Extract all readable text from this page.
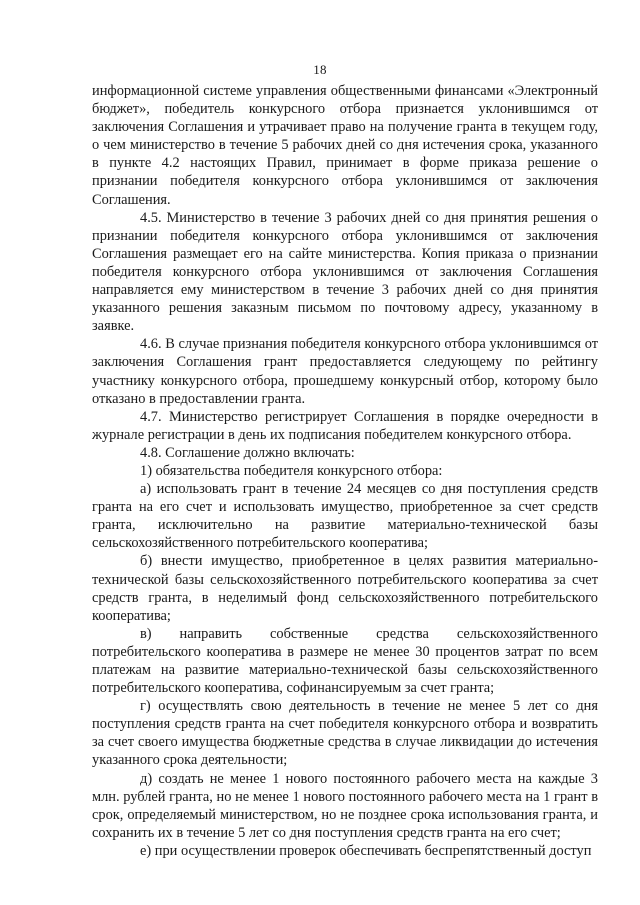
18

информационной системе управления общественными финансами «Электронный бюджет», победитель конкурсного отбора признается уклонившимся от заключения Соглашения и утрачивает право на получение гранта в текущем году, о чем министерство в течение 5 рабочих дней со дня истечения срока, указанного в пункте 4.2 настоящих Правил, принимает в форме приказа решение о признании победителя конкурсного отбора уклонившимся от заключения Соглашения.

4.5. Министерство в течение 3 рабочих дней со дня принятия решения о признании победителя конкурсного отбора уклонившимся от заключения Соглашения размещает его на сайте министерства. Копия приказа о признании победителя конкурсного отбора уклонившимся от заключения Соглашения направляется ему министерством в течение 3 рабочих дней со дня принятия указанного решения заказным письмом по почтовому адресу, указанному в заявке.

4.6. В случае признания победителя конкурсного отбора уклонившимся от заключения Соглашения грант предоставляется следующему по рейтингу участнику конкурсного отбора, прошедшему конкурсный отбор, которому было отказано в предоставлении гранта.

4.7. Министерство регистрирует Соглашения в порядке очередности в журнале регистрации в день их подписания победителем конкурсного отбора.

4.8. Соглашение должно включать:

1) обязательства победителя конкурсного отбора:

а) использовать грант в течение 24 месяцев со дня поступления средств гранта на его счет и использовать имущество, приобретенное за счет средств гранта, исключительно на развитие материально-технической базы сельскохозяйственного потребительского кооператива;

б) внести имущество, приобретенное в целях развития материально-технической базы сельскохозяйственного потребительского кооператива за счет средств гранта, в неделимый фонд сельскохозяйственного потребительского кооператива;

в) направить собственные средства сельскохозяйственного потребительского кооператива в размере не менее 30 процентов затрат по всем платежам на развитие материально-технической базы сельскохозяйственного потребительского кооператива, софинансируемым за счет гранта;

г) осуществлять свою деятельность в течение не менее 5 лет со дня поступления средств гранта на счет победителя конкурсного отбора и возвратить за счет своего имущества бюджетные средства в случае ликвидации до истечения указанного срока деятельности;

д) создать не менее 1 нового постоянного рабочего места на каждые 3 млн. рублей гранта, но не менее 1 нового постоянного рабочего места на 1 грант в срок, определяемый министерством, но не позднее срока использования гранта, и сохранить их в течение 5 лет со дня поступления средств гранта на его счет;

е) при осуществлении проверок обеспечивать беспрепятственный доступ
